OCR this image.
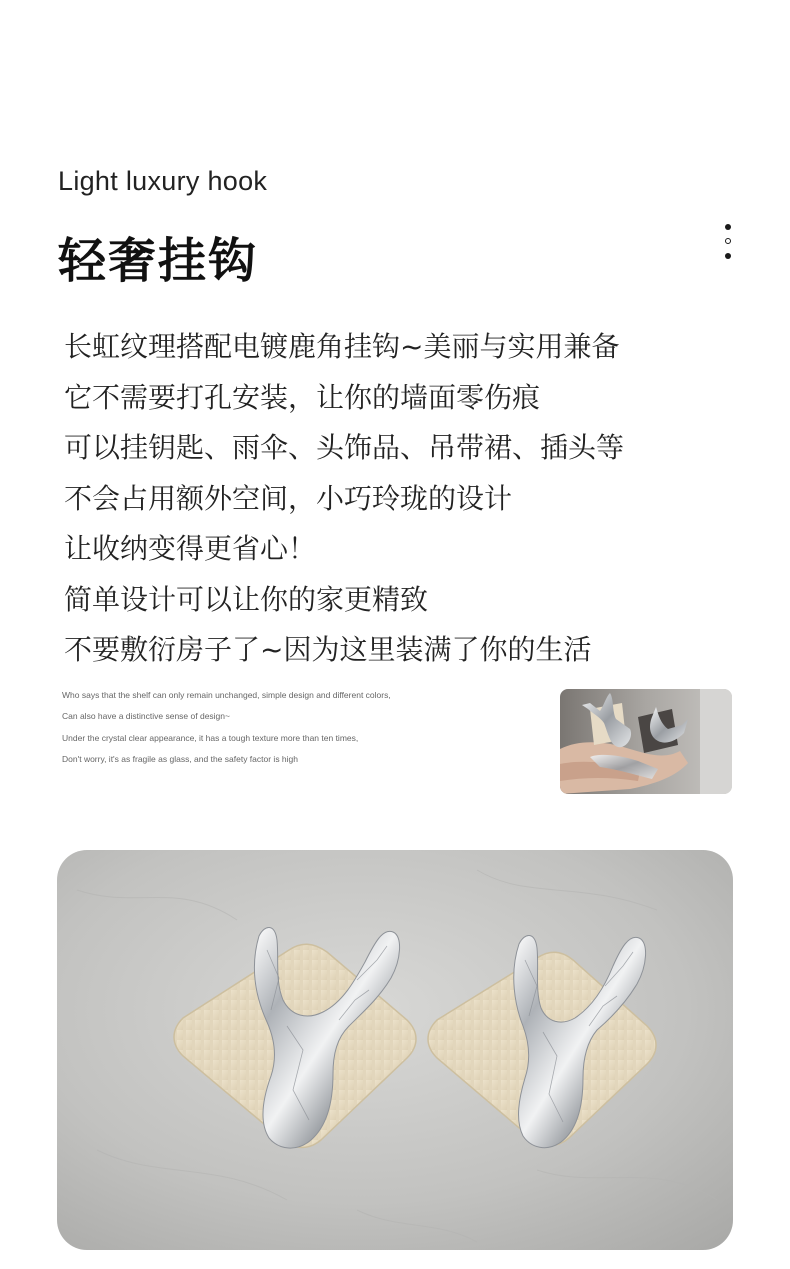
Light luxury hook
轻奢挂钩
长虹纹理搭配电镀鹿角挂钩~美丽与实用兼备
它不需要打孔安装，让你的墙面零伤痕
可以挂钥匙、雨伞、头饰品、吊带裙、插头等
不会占用额外空间，小巧玲珑的设计
让收纳变得更省心！
简单设计可以让你的家更精致
不要敷衍房子了~因为这里装满了你的生活
Who says that the shelf can only remain unchanged, simple design and different colors,
Can also have a distinctive sense of design~
Under the crystal clear appearance, it has a tough texture more than ten times,
Don't worry, it's as fragile as glass, and the safety factor is high
